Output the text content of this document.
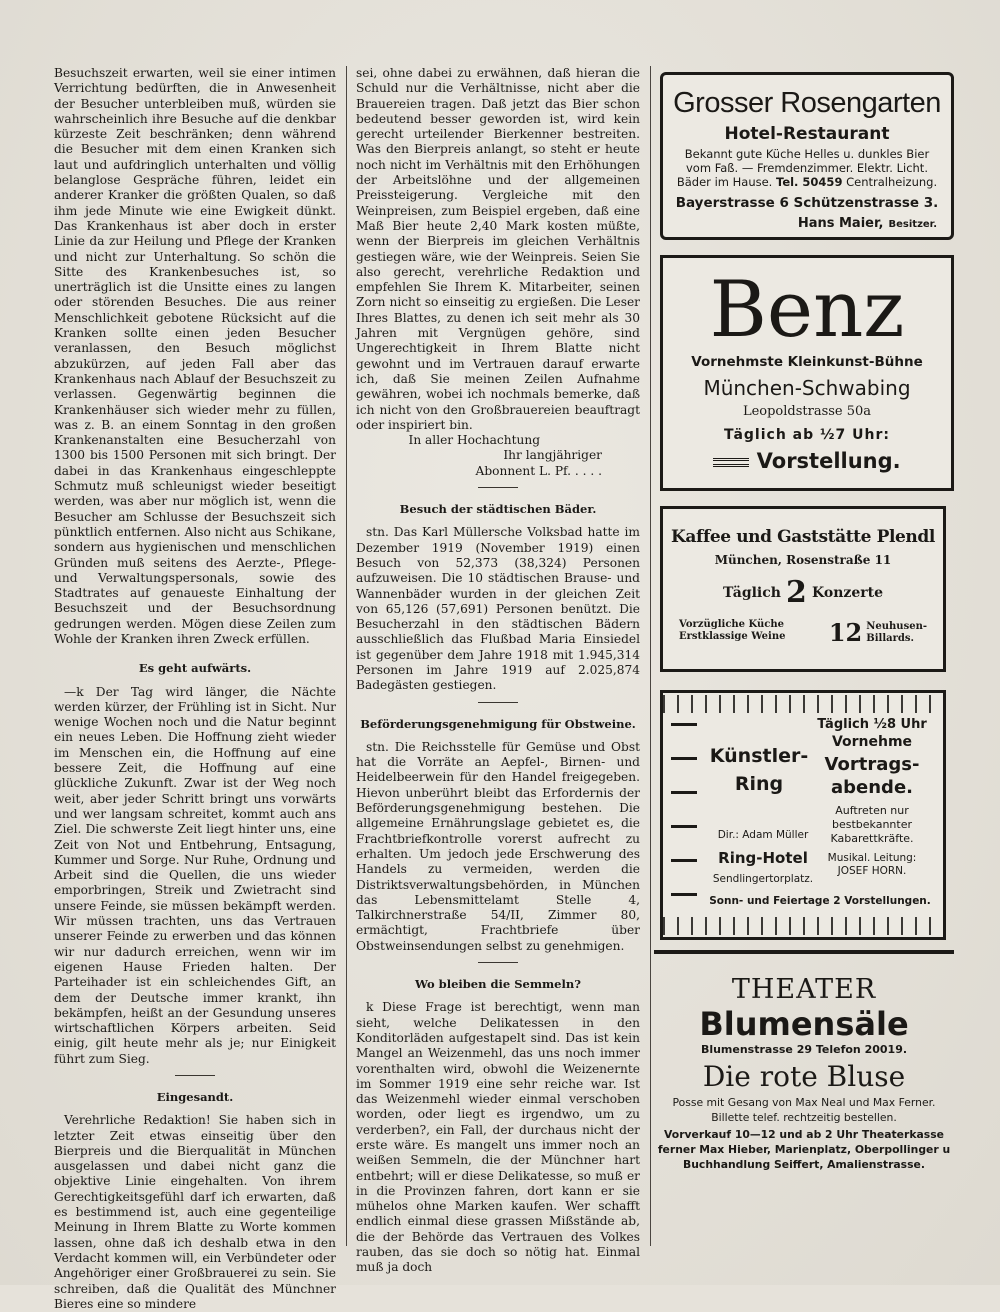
Besuchszeit erwarten, weil sie einer intimen Verrichtung bedürften, die in Anwesenheit der Besucher unterbleiben muß, würden sie wahrscheinlich ihre Besuche auf die denkbar kürzeste Zeit beschränken; denn während die Besucher mit dem einen Kranken sich laut und aufdringlich unterhalten und völlig belanglose Gespräche führen, leidet ein anderer Kranker die größten Qualen, so daß ihm jede Minute wie eine Ewigkeit dünkt. Das Krankenhaus ist aber doch in erster Linie da zur Heilung und Pflege der Kranken und nicht zur Unterhaltung. So schön die Sitte des Krankenbesuches ist, so unerträglich ist die Unsitte eines zu langen oder störenden Besuches. Die aus reiner Menschlichkeit gebotene Rücksicht auf die Kranken sollte einen jeden Besucher veranlassen, den Besuch möglichst abzukürzen, auf jeden Fall aber das Krankenhaus nach Ablauf der Besuchszeit zu verlassen. Gegenwärtig beginnen die Krankenhäuser sich wieder mehr zu füllen, was z. B. an einem Sonntag in den großen Krankenanstalten eine Besucherzahl von 1300 bis 1500 Personen mit sich bringt. Der dabei in das Krankenhaus eingeschleppte Schmutz muß schleunigst wieder beseitigt werden, was aber nur möglich ist, wenn die Besucher am Schlusse der Besuchszeit sich pünktlich entfernen. Also nicht aus Schikane, sondern aus hygienischen und menschlichen Gründen muß seitens des Aerzte-, Pflege- und Verwaltungspersonals, sowie des Stadtrates auf genaueste Einhaltung der Besuchszeit und der Besuchsordnung gedrungen werden. Mögen diese Zeilen zum Wohle der Kranken ihren Zweck erfüllen.

Es geht aufwärts.

—k Der Tag wird länger, die Nächte werden kürzer, der Frühling ist in Sicht. Nur wenige Wochen noch und die Natur beginnt ein neues Leben. Die Hoffnung zieht wieder im Menschen ein, die Hoffnung auf eine bessere Zeit, die Hoffnung auf eine glückliche Zukunft. Zwar ist der Weg noch weit, aber jeder Schritt bringt uns vorwärts und wer langsam schreitet, kommt auch ans Ziel. Die schwerste Zeit liegt hinter uns, eine Zeit von Not und Entbehrung, Entsagung, Kummer und Sorge. Nur Ruhe, Ordnung und Arbeit sind die Quellen, die uns wieder emporbringen, Streik und Zwietracht sind unsere Feinde, sie müssen bekämpft werden. Wir müssen trachten, uns das Vertrauen unserer Feinde zu erwerben und das können wir nur dadurch erreichen, wenn wir im eigenen Hause Frieden halten. Der Parteihader ist ein schleichendes Gift, an dem der Deutsche immer krankt, ihn bekämpfen, heißt an der Gesundung unseres wirtschaftlichen Körpers arbeiten. Seid einig, gilt heute mehr als je; nur Einigkeit führt zum Sieg.

Eingesandt.

Verehrliche Redaktion! Sie haben sich in letzter Zeit etwas einseitig über den Bierpreis und die Bierqualität in München ausgelassen und dabei nicht ganz die objektive Linie eingehalten. Von ihrem Gerechtigkeitsgefühl darf ich erwarten, daß es bestimmend ist, auch eine gegenteilige Meinung in Ihrem Blatte zu Worte kommen lassen, ohne daß ich deshalb etwa in den Verdacht kommen will, ein Verbündeter oder Angehöriger einer Großbrauerei zu sein. Sie schreiben, daß die Qualität des Münchner Bieres eine so mindere

sei, ohne dabei zu erwähnen, daß hieran die Schuld nur die Verhältnisse, nicht aber die Brauereien tragen. Daß jetzt das Bier schon bedeutend besser geworden ist, wird kein gerecht urteilender Bierkenner bestreiten. Was den Bierpreis anlangt, so steht er heute noch nicht im Verhältnis mit den Erhöhungen der Arbeitslöhne und der allgemeinen Preissteigerung. Vergleiche mit den Weinpreisen, zum Beispiel ergeben, daß eine Maß Bier heute 2,40 Mark kosten müßte, wenn der Bierpreis im gleichen Verhältnis gestiegen wäre, wie der Weinpreis. Seien Sie also gerecht, verehrliche Redaktion und empfehlen Sie Ihrem K. Mitarbeiter, seinen Zorn nicht so einseitig zu ergießen. Die Leser Ihres Blattes, zu denen ich seit mehr als 30 Jahren mit Vergnügen gehöre, sind Ungerechtigkeit in Ihrem Blatte nicht gewohnt und im Vertrauen darauf erwarte ich, daß Sie meinen Zeilen Aufnahme gewähren, wobei ich nochmals bemerke, daß ich nicht von den Großbrauereien beauftragt oder inspiriert bin.

In aller Hochachtung

Ihr langjähriger

Abonnent L. Pf. . . . .

Besuch der städtischen Bäder.

stn. Das Karl Müllersche Volksbad hatte im Dezember 1919 (November 1919) einen Besuch von 52,373 (38,324) Personen aufzuweisen. Die 10 städtischen Brause- und Wannenbäder wurden in der gleichen Zeit von 65,126 (57,691) Personen benützt. Die Besucherzahl in den städtischen Bädern ausschließlich das Flußbad Maria Einsiedel ist gegenüber dem Jahre 1918 mit 1.945,314 Personen im Jahre 1919 auf 2.025,874 Badegästen gestiegen.

Beförderungsgenehmigung für Obstweine.

stn. Die Reichsstelle für Gemüse und Obst hat die Vorräte an Aepfel-, Birnen- und Heidelbeerwein für den Handel freigegeben. Hievon unberührt bleibt das Erfordernis der Beförderungsgenehmigung bestehen. Die allgemeine Ernährungslage gebietet es, die Frachtbriefkontrolle vorerst aufrecht zu erhalten. Um jedoch jede Erschwerung des Handels zu vermeiden, werden die Distriktsverwaltungsbehörden, in München das Lebensmittelamt Stelle 4, Talkirchnerstraße 54/II, Zimmer 80, ermächtigt, Frachtbriefe über Obstweinsendungen selbst zu genehmigen.

Wo bleiben die Semmeln?

k Diese Frage ist berechtigt, wenn man sieht, welche Delikatessen in den Konditorläden aufgestapelt sind. Das ist kein Mangel an Weizenmehl, das uns noch immer vorenthalten wird, obwohl die Weizenernte im Sommer 1919 eine sehr reiche war. Ist das Weizenmehl wieder einmal verschoben worden, oder liegt es irgendwo, um zu verderben?, ein Fall, der durchaus nicht der erste wäre. Es mangelt uns immer noch an weißen Semmeln, die der Münchner hart entbehrt; will er diese Delikatesse, so muß er in die Provinzen fahren, dort kann er sie mühelos ohne Marken kaufen. Wer schafft endlich einmal diese grassen Mißstände ab, die der Behörde das Vertrauen des Volkes rauben, das sie doch so nötig hat. Einmal muß ja doch

Grosser Rosengarten
Hotel-Restaurant
Bekannt gute Küche Helles u. dunkles Bier
vom Faß. — Fremdenzimmer. Elektr. Licht.
Bäder im Hause. Tel. 50459 Centralheizung.
Bayerstrasse 6 Schützenstrasse 3.
Hans Maier, Besitzer.
Benz
Vornehmste Kleinkunst-Bühne
München-Schwabing
Leopoldstrasse 50a
Täglich ab ½7 Uhr:
Vorstellung.
Kaffee und Gaststätte Plendl
München, Rosenstraße 11
Täglich 2 Konzerte
Vorzügliche Küche
Erstklassige Weine 12 Neuhusen-
Billards.
Künstler-
Ring
Täglich ½8 Uhr
Vornehme
Vortrags-
abende.
Auftreten nur
bestbekannter
Kabarettkräfte.
Musikal. Leitung:
JOSEF HORN.
Dir.: Adam Müller
Ring-Hotel
Sendlingertorplatz.
Sonn- und Feiertage 2 Vorstellungen.
THEATER
Blumensäle
Blumenstrasse 29 Telefon 20019.
Die rote Bluse
Posse mit Gesang von Max Neal und Max Ferner.
Billette telef. rechtzeitig bestellen.
Vorverkauf 10—12 und ab 2 Uhr Theaterkasse
ferner Max Hieber, Marienplatz, Oberpollinger u
Buchhandlung Seiffert, Amalienstrasse.
